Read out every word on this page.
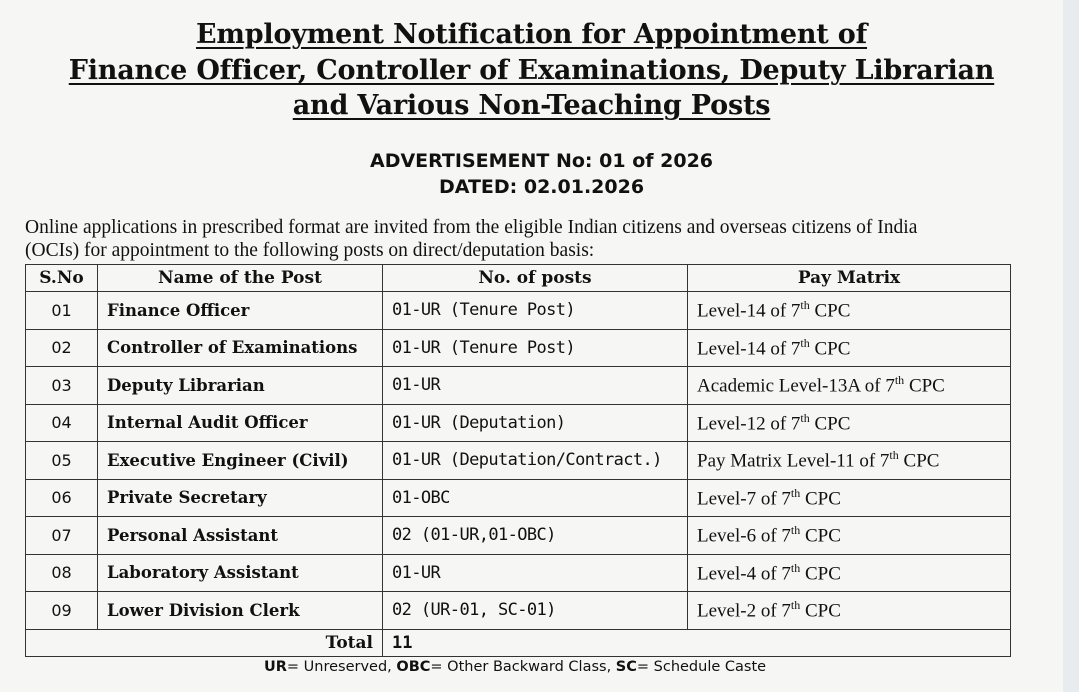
Employment Notification for Appointment of
Finance Officer, Controller of Examinations, Deputy Librarian
and Various Non-Teaching Posts
ADVERTISEMENT No: 01 of 2026
DATED: 02.01.2026
Online applications in prescribed format are invited from the eligible Indian citizens and overseas citizens of India
(OCIs) for appointment to the following posts on direct/deputation basis:
S.No	Name of the Post	No. of posts	Pay Matrix
01	Finance Officer	01-UR (Tenure Post)	Level-14 of 7th CPC
02	Controller of Examinations	01-UR (Tenure Post)	Level-14 of 7th CPC
03	Deputy Librarian	01-UR	Academic Level-13A of 7th CPC
04	Internal Audit Officer	01-UR (Deputation)	Level-12 of 7th CPC
05	Executive Engineer (Civil)	01-UR (Deputation/Contract.)	Pay Matrix Level-11 of 7th CPC
06	Private Secretary	01-OBC	Level-7 of 7th CPC
07	Personal Assistant	02 (01-UR,01-OBC)	Level-6 of 7th CPC
08	Laboratory Assistant	01-UR	Level-4 of 7th CPC
09	Lower Division Clerk	02 (UR-01, SC-01)	Level-2 of 7th CPC
Total		11	
UR= Unreserved, OBC= Other Backward Class, SC= Schedule Caste
